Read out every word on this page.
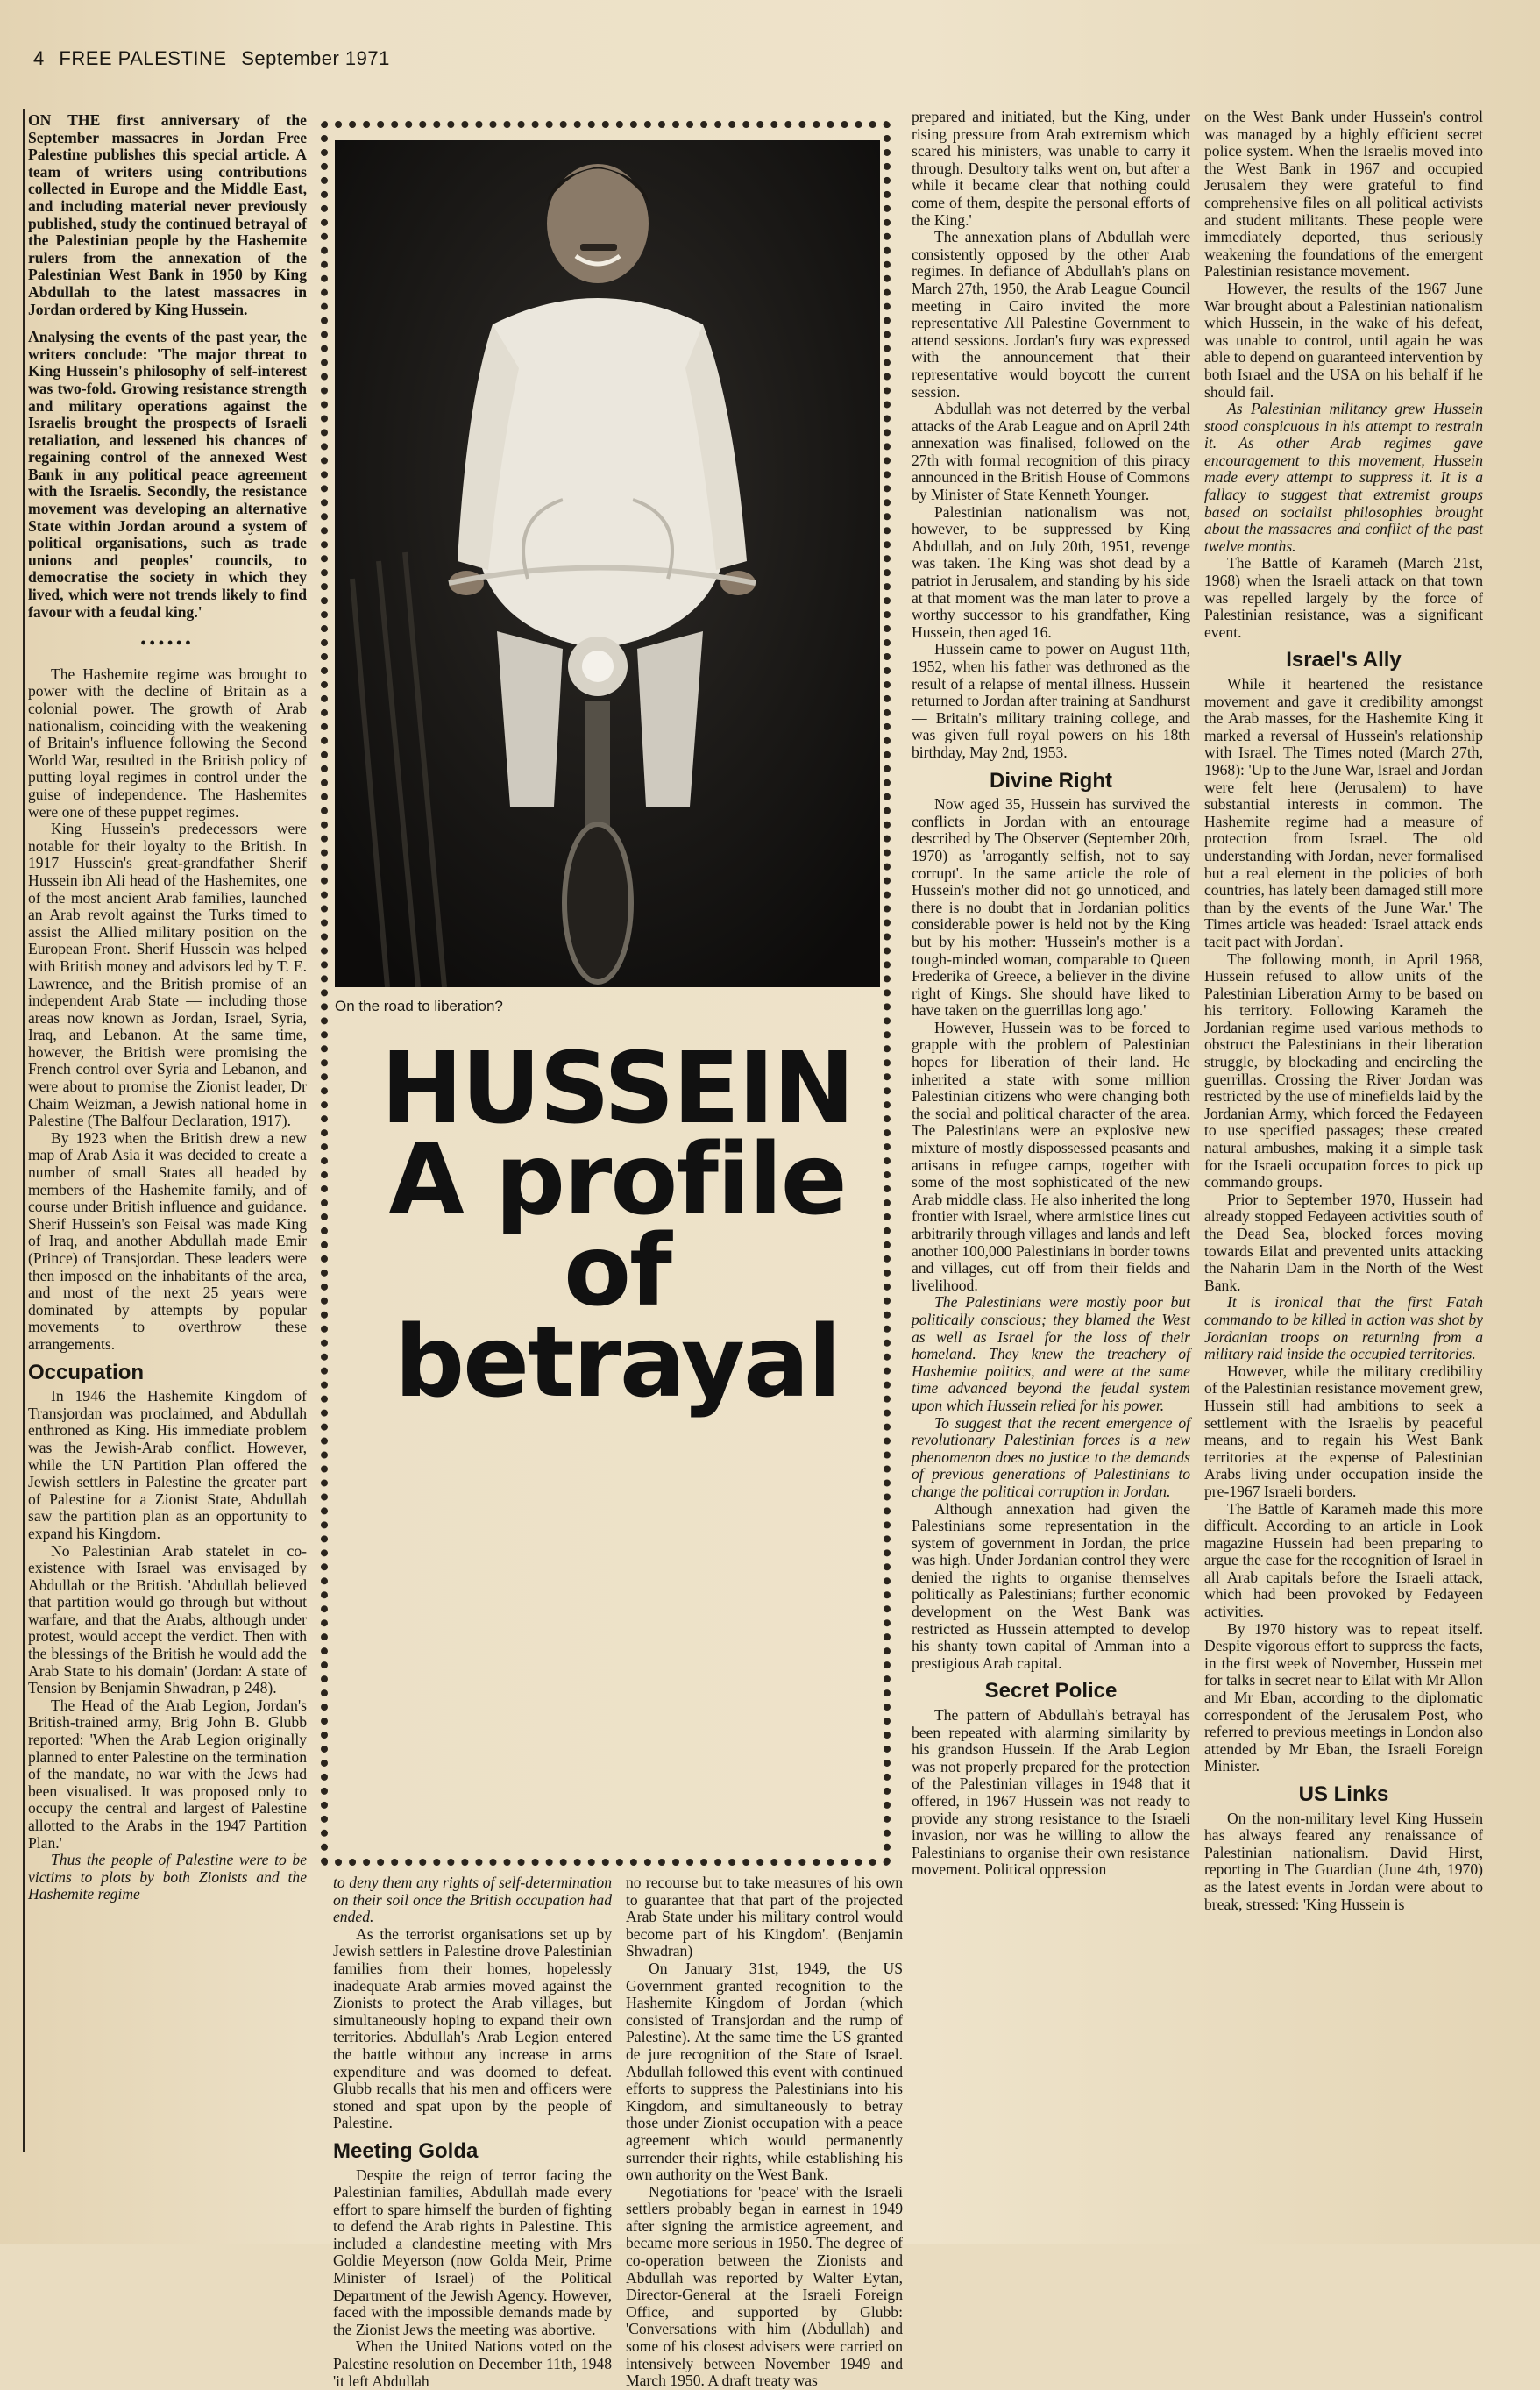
4 FREE PALESTINE September 1971

ON THE first anniversary of the September massacres in Jordan Free Palestine publishes this special article. A team of writers using contributions collected in Europe and the Middle East, and including material never previously published, study the continued betrayal of the Palestinian people by the Hashemite rulers from the annexation of the Palestinian West Bank in 1950 by King Abdullah to the latest massacres in Jordan ordered by King Hussein.

Analysing the events of the past year, the writers conclude: 'The major threat to King Hussein's philosophy of self-interest was two-fold. Growing resistance strength and military operations against the Israelis brought the prospects of Israeli retaliation, and lessened his chances of regaining control of the annexed West Bank in any political peace agreement with the Israelis. Secondly, the resistance movement was developing an alternative State within Jordan around a system of political organisations, such as trade unions and peoples' councils, to democratise the society in which they lived, which were not trends likely to find favour with a feudal king.'

••••••

The Hashemite regime was brought to power with the decline of Britain as a colonial power. The growth of Arab nationalism, coinciding with the weakening of Britain's influence following the Second World War, resulted in the British policy of putting loyal regimes in control under the guise of independence. The Hashemites were one of these puppet regimes.

King Hussein's predecessors were notable for their loyalty to the British. In 1917 Hussein's great-grandfather Sherif Hussein ibn Ali head of the Hashemites, one of the most ancient Arab families, launched an Arab revolt against the Turks timed to assist the Allied military position on the European Front. Sherif Hussein was helped with British money and advisors led by T. E. Lawrence, and the British promise of an independent Arab State — including those areas now known as Jordan, Israel, Syria, Iraq, and Lebanon. At the same time, however, the British were promising the French control over Syria and Lebanon, and were about to promise the Zionist leader, Dr Chaim Weizman, a Jewish national home in Palestine (The Balfour Declaration, 1917).

By 1923 when the British drew a new map of Arab Asia it was decided to create a number of small States all headed by members of the Hashemite family, and of course under British influence and guidance. Sherif Hussein's son Feisal was made King of Iraq, and another Abdullah made Emir (Prince) of Transjordan. These leaders were then imposed on the inhabitants of the area, and most of the next 25 years were dominated by attempts by popular movements to overthrow these arrangements.

Occupation

In 1946 the Hashemite Kingdom of Transjordan was proclaimed, and Abdullah enthroned as King. His immediate problem was the Jewish-Arab conflict. However, while the UN Partition Plan offered the Jewish settlers in Palestine the greater part of Palestine for a Zionist State, Abdullah saw the partition plan as an opportunity to expand his Kingdom.

No Palestinian Arab statelet in co-existence with Israel was envisaged by Abdullah or the British. 'Abdullah believed that partition would go through but without warfare, and that the Arabs, although under protest, would accept the verdict. Then with the blessings of the British he would add the Arab State to his domain' (Jordan: A state of Tension by Benjamin Shwadran, p 248).

The Head of the Arab Legion, Jordan's British-trained army, Brig John B. Glubb reported: 'When the Arab Legion originally planned to enter Palestine on the termination of the mandate, no war with the Jews had been visualised. It was proposed only to occupy the central and largest of Palestine allotted to the Arabs in the 1947 Partition Plan.'

Thus the people of Palestine were to be victims to plots by both Zionists and the Hashemite regime

On the road to liberation?
HUSSEIN
A profile
of
betrayal

to deny them any rights of self-determination on their soil once the British occupation had ended.

As the terrorist organisations set up by Jewish settlers in Palestine drove Palestinian families from their homes, hopelessly inadequate Arab armies moved against the Zionists to protect the Arab villages, but simultaneously hoping to expand their own territories. Abdullah's Arab Legion entered the battle without any increase in arms expenditure and was doomed to defeat. Glubb recalls that his men and officers were stoned and spat upon by the people of Palestine.

Meeting Golda

Despite the reign of terror facing the Palestinian families, Abdullah made every effort to spare himself the burden of fighting to defend the Arab rights in Palestine. This included a clandestine meeting with Mrs Goldie Meyerson (now Golda Meir, Prime Minister of Israel) of the Political Department of the Jewish Agency. However, faced with the impossible demands made by the Zionist Jews the meeting was abortive.

When the United Nations voted on the Palestine resolution on December 11th, 1948 'it left Abdullah

no recourse but to take measures of his own to guarantee that that part of the projected Arab State under his military control would become part of his Kingdom'. (Benjamin Shwadran)

On January 31st, 1949, the US Government granted recognition to the Hashemite Kingdom of Jordan (which consisted of Transjordan and the rump of Palestine). At the same time the US granted de jure recognition of the State of Israel. Abdullah followed this event with continued efforts to suppress the Palestinians into his Kingdom, and simultaneously to betray those under Zionist occupation with a peace agreement which would permanently surrender their rights, while establishing his own authority on the West Bank.

Negotiations for 'peace' with the Israeli settlers probably began in earnest in 1949 after signing the armistice agreement, and became more serious in 1950. The degree of co-operation between the Zionists and Abdullah was reported by Walter Eytan, Director-General at the Israeli Foreign Office, and supported by Glubb: 'Conversations with him (Abdullah) and some of his closest advisers were carried on intensively between November 1949 and March 1950. A draft treaty was

prepared and initiated, but the King, under rising pressure from Arab extremism which scared his ministers, was unable to carry it through. Desultory talks went on, but after a while it became clear that nothing could come of them, despite the personal efforts of the King.'

The annexation plans of Abdullah were consistently opposed by the other Arab regimes. In defiance of Abdullah's plans on March 27th, 1950, the Arab League Council meeting in Cairo invited the more representative All Palestine Government to attend sessions. Jordan's fury was expressed with the announcement that their representative would boycott the current session.

Abdullah was not deterred by the verbal attacks of the Arab League and on April 24th annexation was finalised, followed on the 27th with formal recognition of this piracy announced in the British House of Commons by Minister of State Kenneth Younger.

Palestinian nationalism was not, however, to be suppressed by King Abdullah, and on July 20th, 1951, revenge was taken. The King was shot dead by a patriot in Jerusalem, and standing by his side at that moment was the man later to prove a worthy successor to his grandfather, King Hussein, then aged 16.

Hussein came to power on August 11th, 1952, when his father was dethroned as the result of a relapse of mental illness. Hussein returned to Jordan after training at Sandhurst — Britain's military training college, and was given full royal powers on his 18th birthday, May 2nd, 1953.

Divine Right

Now aged 35, Hussein has survived the conflicts in Jordan with an entourage described by The Observer (September 20th, 1970) as 'arrogantly selfish, not to say corrupt'. In the same article the role of Hussein's mother did not go unnoticed, and there is no doubt that in Jordanian politics considerable power is held not by the King but by his mother: 'Hussein's mother is a tough-minded woman, comparable to Queen Frederika of Greece, a believer in the divine right of Kings. She should have liked to have taken on the guerrillas long ago.'

However, Hussein was to be forced to grapple with the problem of Palestinian hopes for liberation of their land. He inherited a state with some million Palestinian citizens who were changing both the social and political character of the area. The Palestinians were an explosive new mixture of mostly dispossessed peasants and artisans in refugee camps, together with some of the most sophisticated of the new Arab middle class. He also inherited the long frontier with Israel, where armistice lines cut arbitrarily through villages and lands and left another 100,000 Palestinians in border towns and villages, cut off from their fields and livelihood.

The Palestinians were mostly poor but politically conscious; they blamed the West as well as Israel for the loss of their homeland. They knew the treachery of Hashemite politics, and were at the same time advanced beyond the feudal system upon which Hussein relied for his power.

To suggest that the recent emergence of revolutionary Palestinian forces is a new phenomenon does no justice to the demands of previous generations of Palestinians to change the political corruption in Jordan.

Although annexation had given the Palestinians some representation in the system of government in Jordan, the price was high. Under Jordanian control they were denied the rights to organise themselves politically as Palestinians; further economic development on the West Bank was restricted as Hussein attempted to develop his shanty town capital of Amman into a prestigious Arab capital.

Secret Police

The pattern of Abdullah's betrayal has been repeated with alarming similarity by his grandson Hussein. If the Arab Legion was not properly prepared for the protection of the Palestinian villages in 1948 that it offered, in 1967 Hussein was not ready to provide any strong resistance to the Israeli invasion, nor was he willing to allow the Palestinians to organise their own resistance movement. Political oppression

on the West Bank under Hussein's control was managed by a highly efficient secret police system. When the Israelis moved into the West Bank in 1967 and occupied Jerusalem they were grateful to find comprehensive files on all political activists and student militants. These people were immediately deported, thus seriously weakening the foundations of the emergent Palestinian resistance movement.

However, the results of the 1967 June War brought about a Palestinian nationalism which Hussein, in the wake of his defeat, was unable to control, until again he was able to depend on guaranteed intervention by both Israel and the USA on his behalf if he should fail.

As Palestinian militancy grew Hussein stood conspicuous in his attempt to restrain it. As other Arab regimes gave encouragement to this movement, Hussein made every attempt to suppress it. It is a fallacy to suggest that extremist groups based on socialist philosophies brought about the massacres and conflict of the past twelve months.

The Battle of Karameh (March 21st, 1968) when the Israeli attack on that town was repelled largely by the force of Palestinian resistance, was a significant event.

Israel's Ally

While it heartened the resistance movement and gave it credibility amongst the Arab masses, for the Hashemite King it marked a reversal of Hussein's relationship with Israel. The Times noted (March 27th, 1968): 'Up to the June War, Israel and Jordan were felt here (Jerusalem) to have substantial interests in common. The Hashemite regime had a measure of protection from Israel. The old understanding with Jordan, never formalised but a real element in the policies of both countries, has lately been damaged still more than by the events of the June War.' The Times article was headed: 'Israel attack ends tacit pact with Jordan'.

The following month, in April 1968, Hussein refused to allow units of the Palestinian Liberation Army to be based on his territory. Following Karameh the Jordanian regime used various methods to obstruct the Palestinians in their liberation struggle, by blockading and encircling the guerrillas. Crossing the River Jordan was restricted by the use of minefields laid by the Jordanian Army, which forced the Fedayeen to use specified passages; these created natural ambushes, making it a simple task for the Israeli occupation forces to pick up commando groups.

Prior to September 1970, Hussein had already stopped Fedayeen activities south of the Dead Sea, blocked forces moving towards Eilat and prevented units attacking the Naharin Dam in the North of the West Bank.

It is ironical that the first Fatah commando to be killed in action was shot by Jordanian troops on returning from a military raid inside the occupied territories.

However, while the military credibility of the Palestinian resistance movement grew, Hussein still had ambitions to seek a settlement with the Israelis by peaceful means, and to regain his West Bank territories at the expense of Palestinian Arabs living under occupation inside the pre-1967 Israeli borders.

The Battle of Karameh made this more difficult. According to an article in Look magazine Hussein had been preparing to argue the case for the recognition of Israel in all Arab capitals before the Israeli attack, which had been provoked by Fedayeen activities.

By 1970 history was to repeat itself. Despite vigorous effort to suppress the facts, in the first week of November, Hussein met for talks in secret near to Eilat with Mr Allon and Mr Eban, according to the diplomatic correspondent of the Jerusalem Post, who referred to previous meetings in London also attended by Mr Eban, the Israeli Foreign Minister.

US Links

On the non-military level King Hussein has always feared any renaissance of Palestinian nationalism. David Hirst, reporting in The Guardian (June 4th, 1970) as the latest events in Jordan were about to break, stressed: 'King Hussein is
